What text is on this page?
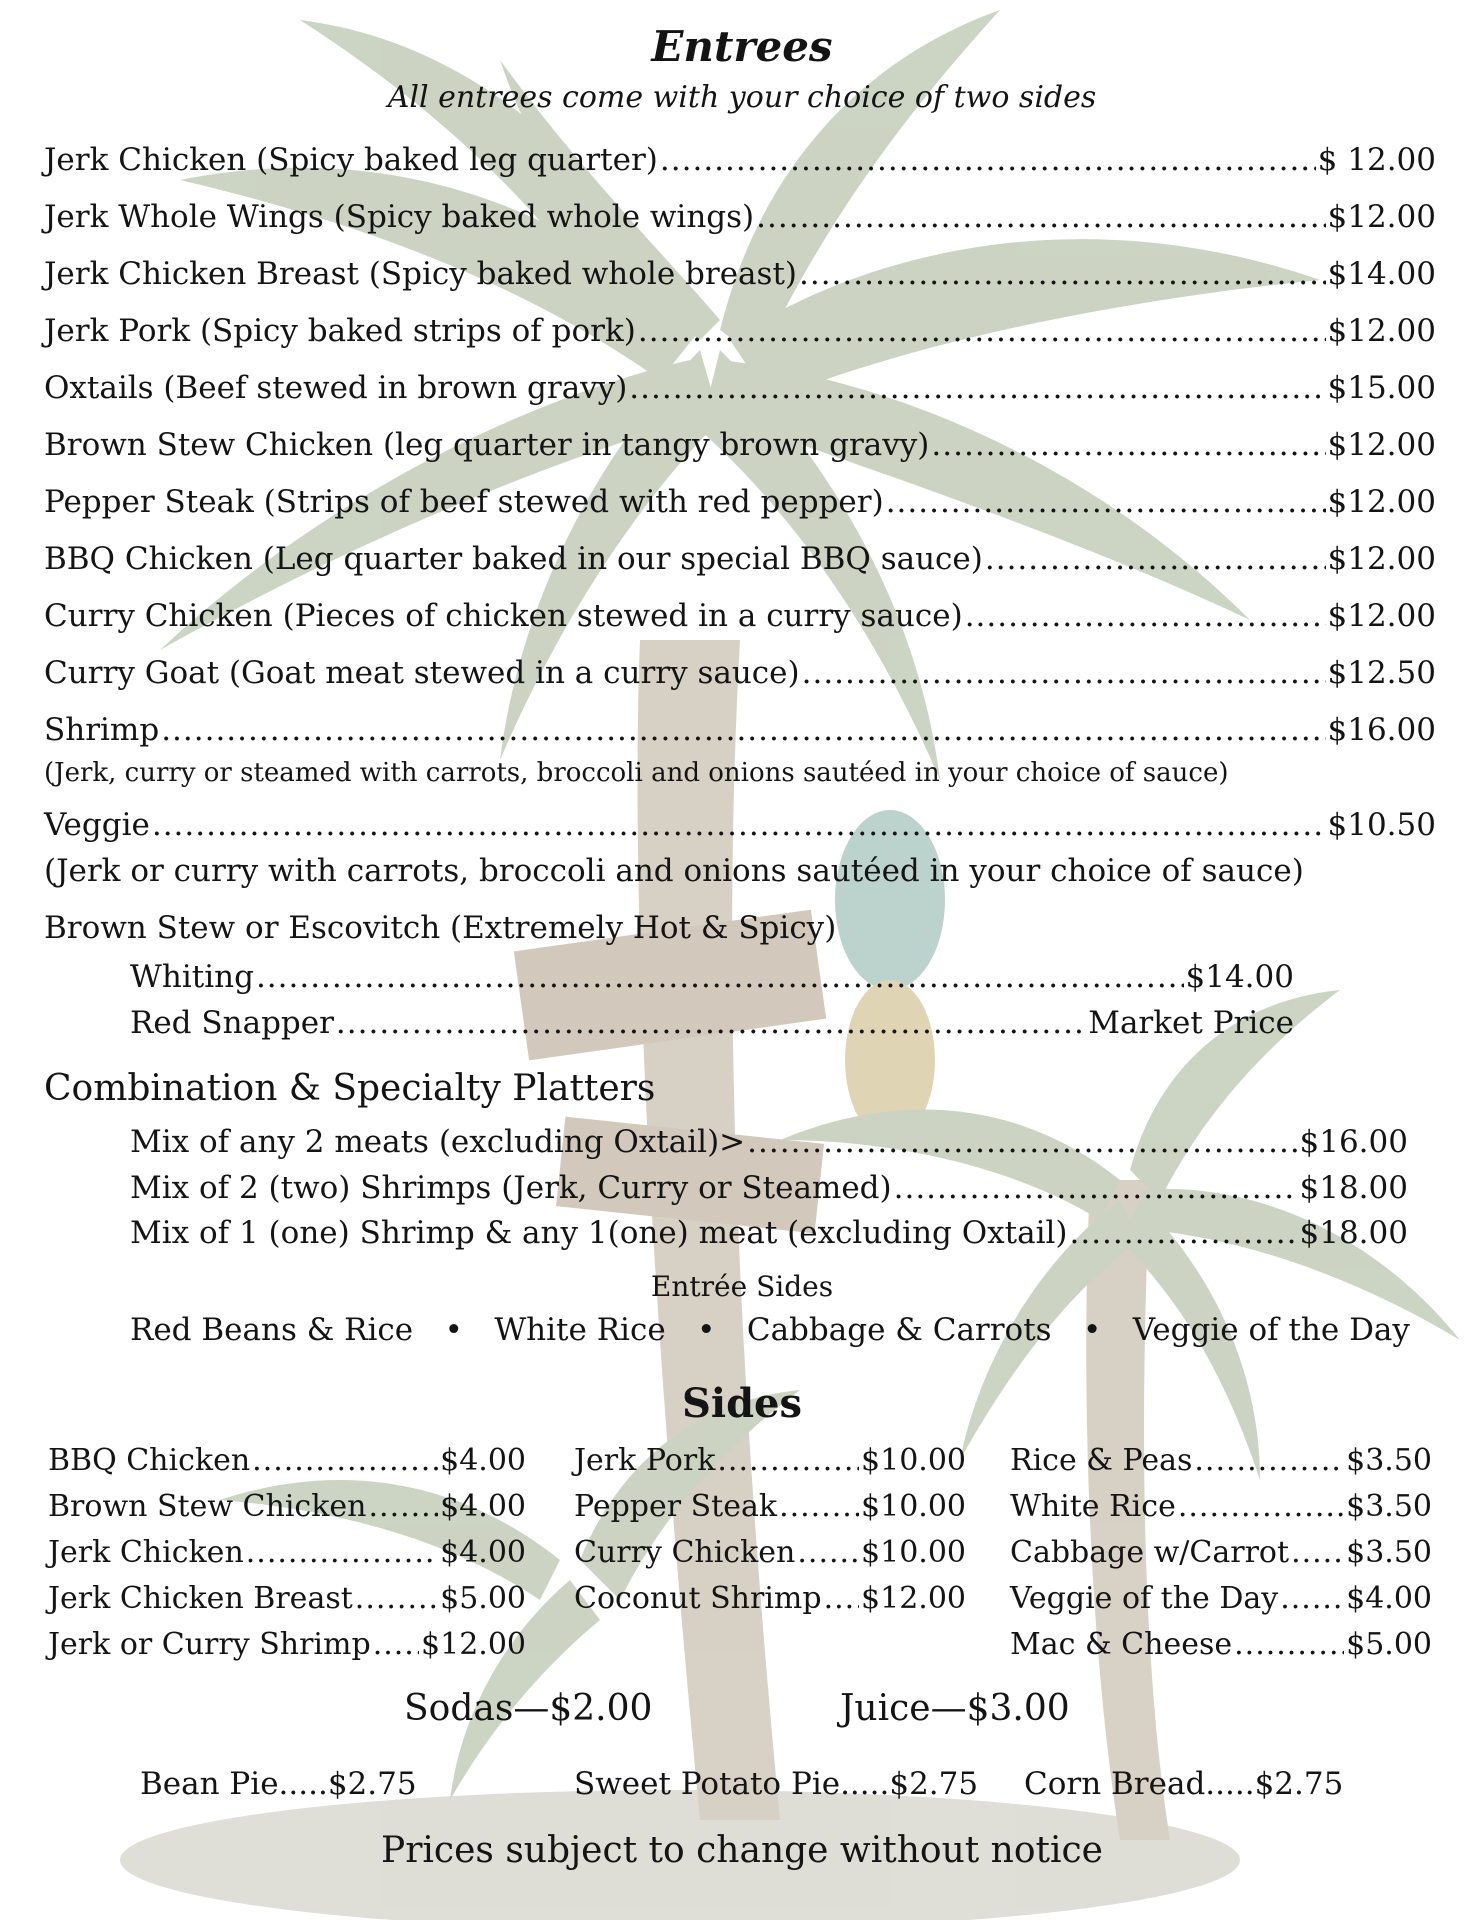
Entrees
All entrees come with your choice of two sides
Jerk Chicken (Spicy baked leg quarter) .....	$ 12.00
Jerk Whole Wings (Spicy baked whole wings) .....	$12.00
Jerk Chicken Breast (Spicy baked whole breast) .....	$14.00
Jerk Pork (Spicy baked strips of pork) .....	$12.00
Oxtails (Beef stewed in brown gravy) .....	$15.00
Brown Stew Chicken (leg quarter in tangy brown gravy) .....	$12.00
Pepper Steak (Strips of beef stewed with red pepper) .....	$12.00
BBQ Chicken (Leg quarter baked in our special BBQ sauce) .....	$12.00
Curry Chicken (Pieces of chicken stewed in a curry sauce) .....	$12.00
Curry Goat (Goat meat stewed in a curry sauce) .....	$12.50
Shrimp .....	$16.00
(Jerk, curry or steamed with carrots, broccoli and onions sautéed in your choice of sauce)
Veggie .....	$10.50
(Jerk or curry with carrots, broccoli and onions sautéed in your choice of sauce)
Brown Stew or Escovitch (Extremely Hot & Spicy)
Whiting .....	$14.00
Red Snapper .....	Market Price
Combination & Specialty Platters
Mix of any 2 meats (excluding Oxtail)> .....	$16.00
Mix of 2 (two) Shrimps (Jerk, Curry or Steamed) .....	$18.00
Mix of 1 (one) Shrimp & any 1(one) meat (excluding Oxtail) .....	$18.00
Entrée Sides
Red Beans & Rice • White Rice • Cabbage & Carrots • Veggie of the Day
Sides
BBQ Chicken .....	$4.00
Brown Stew Chicken ..... $4.00
Jerk Chicken .....	$4.00
Jerk Chicken Breast .....	$5.00
Jerk or Curry Shrimp ..... $12.00
Jerk Pork .....	$10.00
Pepper Steak .....	$10.00
Curry Chicken ..... $10.00
Coconut Shrimp ..... $12.00
Rice & Peas .....	$3.50
White Rice .....	$3.50
Cabbage w/Carrot ..... $3.50
Veggie of the Day ..... $4.00
Mac & Cheese .....	$5.00
Sodas—$2.00	Juice—$3.00
Bean Pie.....$2.75	Sweet Potato Pie.....$2.75 Corn Bread.....$2.75
Prices subject to change without notice
